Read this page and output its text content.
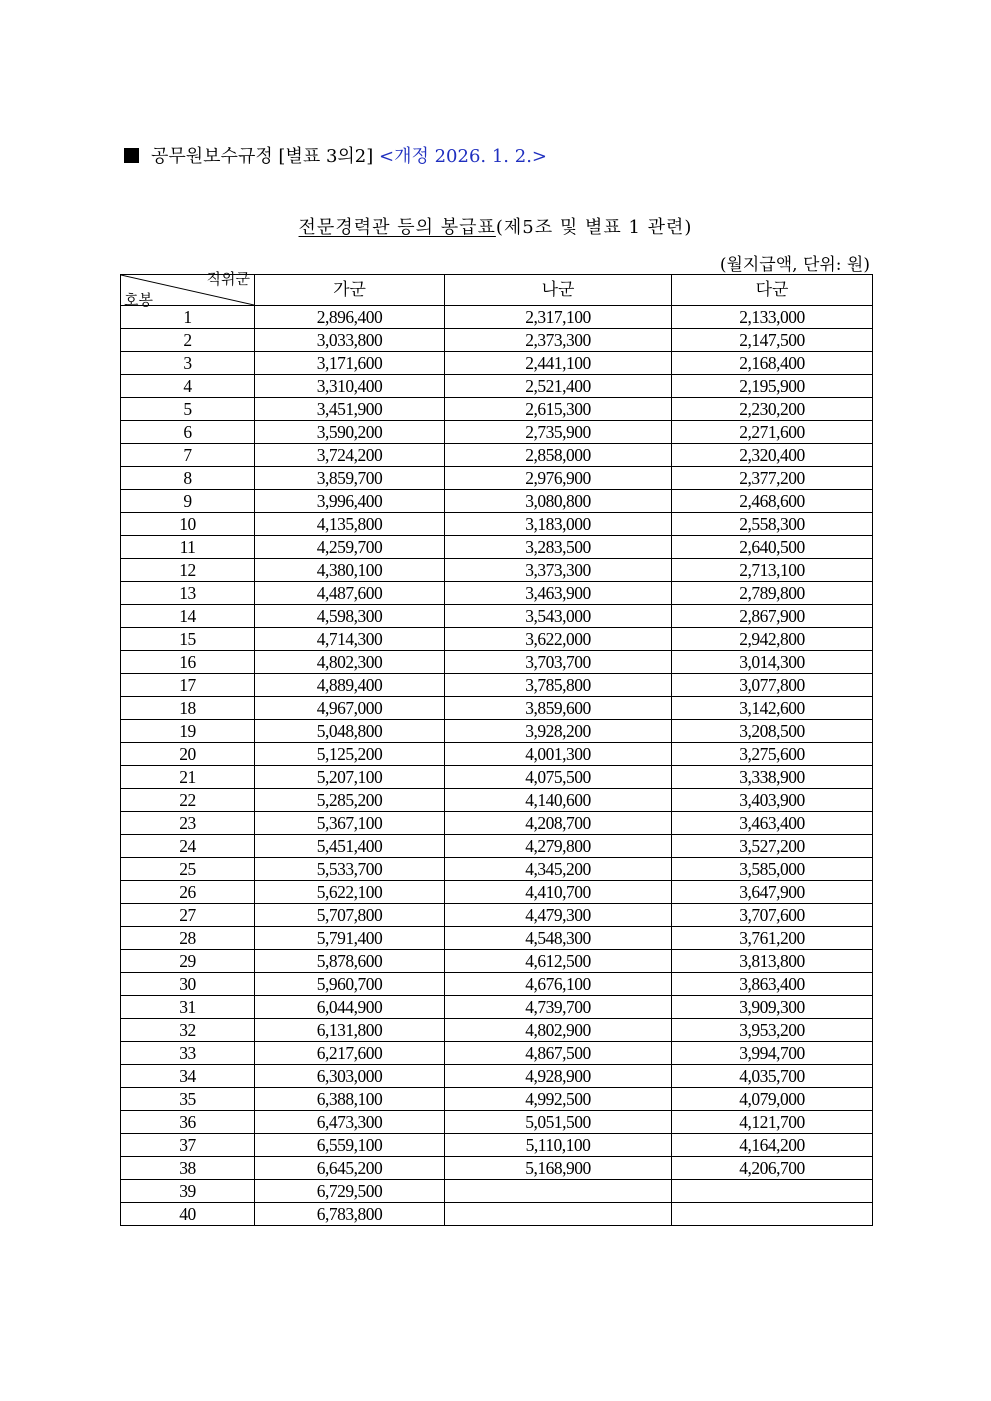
공무원보수규정 [별표 3의2] <개정 2026. 1. 2.>
전문경력관 등의 봉급표(제5조 및 별표 1 관련)
(월지급액, 단위: 원)
직위군
호봉	가군	나군	다군
1	2,896,400	2,317,100	2,133,000
2	3,033,800	2,373,300	2,147,500
3	3,171,600	2,441,100	2,168,400
4	3,310,400	2,521,400	2,195,900
5	3,451,900	2,615,300	2,230,200
6	3,590,200	2,735,900	2,271,600
7	3,724,200	2,858,000	2,320,400
8	3,859,700	2,976,900	2,377,200
9	3,996,400	3,080,800	2,468,600
10	4,135,800	3,183,000	2,558,300
11	4,259,700	3,283,500	2,640,500
12	4,380,100	3,373,300	2,713,100
13	4,487,600	3,463,900	2,789,800
14	4,598,300	3,543,000	2,867,900
15	4,714,300	3,622,000	2,942,800
16	4,802,300	3,703,700	3,014,300
17	4,889,400	3,785,800	3,077,800
18	4,967,000	3,859,600	3,142,600
19	5,048,800	3,928,200	3,208,500
20	5,125,200	4,001,300	3,275,600
21	5,207,100	4,075,500	3,338,900
22	5,285,200	4,140,600	3,403,900
23	5,367,100	4,208,700	3,463,400
24	5,451,400	4,279,800	3,527,200
25	5,533,700	4,345,200	3,585,000
26	5,622,100	4,410,700	3,647,900
27	5,707,800	4,479,300	3,707,600
28	5,791,400	4,548,300	3,761,200
29	5,878,600	4,612,500	3,813,800
30	5,960,700	4,676,100	3,863,400
31	6,044,900	4,739,700	3,909,300
32	6,131,800	4,802,900	3,953,200
33	6,217,600	4,867,500	3,994,700
34	6,303,000	4,928,900	4,035,700
35	6,388,100	4,992,500	4,079,000
36	6,473,300	5,051,500	4,121,700
37	6,559,100	5,110,100	4,164,200
38	6,645,200	5,168,900	4,206,700
39	6,729,500		
40	6,783,800		
